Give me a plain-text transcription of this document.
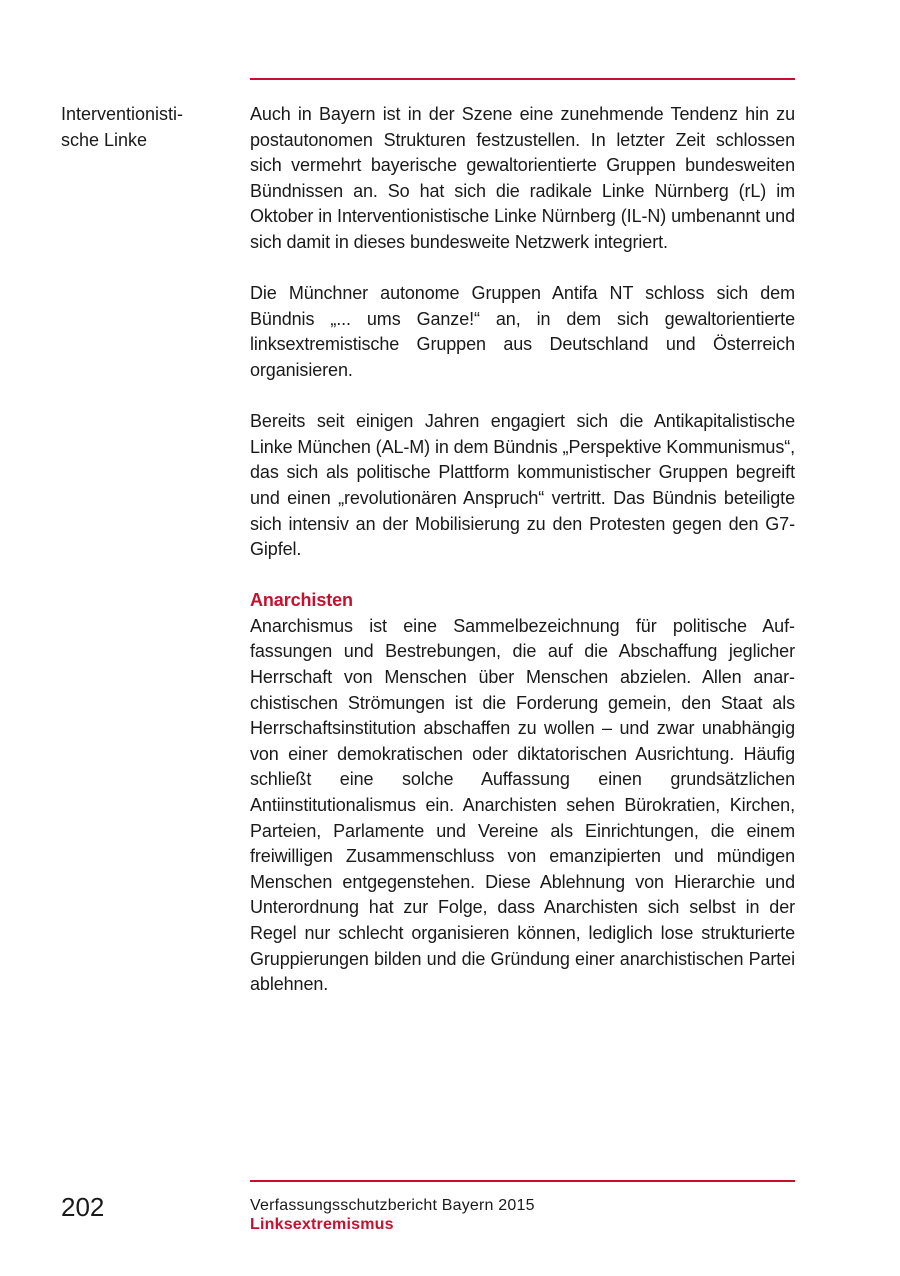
Interventionisti-
sche Linke

Auch in Bayern ist in der Szene eine zunehmende Tendenz hin zu postautonomen Strukturen festzustellen. In letzter Zeit schlossen sich vermehrt bayerische gewaltorientierte Gruppen bundesweiten Bündnissen an. So hat sich die radikale Linke Nürnberg (rL) im Oktober in Interventionistische Linke Nürnberg (IL-N) umbenannt und sich damit in dieses bundesweite Netzwerk integriert.

Die Münchner autonome Gruppen Antifa NT schloss sich dem Bündnis „... ums Ganze!“ an, in dem sich gewaltorientierte linksextremistische Gruppen aus Deutschland und Österreich organisieren.

Bereits seit einigen Jahren engagiert sich die Antikapitalistische Linke München (AL-M) in dem Bündnis „Perspektive Kommunismus“, das sich als politische Plattform kommunistischer Gruppen begreift und einen „revolutionären Anspruch“ vertritt. Das Bündnis beteiligte sich intensiv an der Mobilisierung zu den Protesten gegen den G7-Gipfel.

Anarchisten

Anarchismus ist eine Sammelbezeichnung für politische Auffassungen und Bestrebungen, die auf die Abschaffung jeglicher Herrschaft von Menschen über Menschen abzielen. Allen anarchistischen Strömungen ist die Forderung gemein, den Staat als Herrschaftsinstitution abschaffen zu wollen – und zwar unabhängig von einer demokratischen oder diktatorischen Ausrichtung. Häufig schließt eine solche Auffassung einen grundsätzlichen Antiinstitutionalismus ein. Anarchisten sehen Bürokratien, Kirchen, Parteien, Parlamente und Vereine als Einrichtungen, die einem freiwilligen Zusammenschluss von emanzipierten und mündigen Menschen entgegenstehen. Diese Ablehnung von Hierarchie und Unterordnung hat zur Folge, dass Anarchisten sich selbst in der Regel nur schlecht organisieren können, lediglich lose strukturierte Gruppierungen bilden und die Gründung einer anarchistischen Partei ablehnen.

202	Verfassungsschutzbericht Bayern 2015
Linksextremismus
